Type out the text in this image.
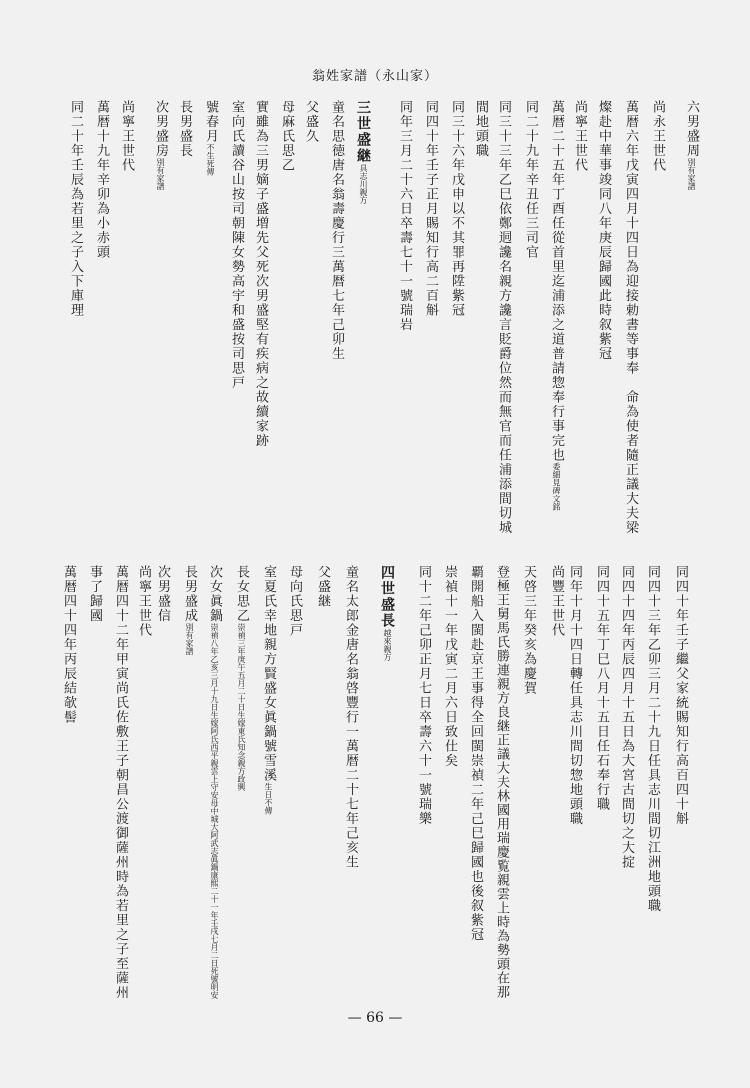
翁姓家譜（永山家）
六男盛周別有家譜
尚永王世代
萬暦六年戊寅四月十四日為迎接勅書等事奉　命為使者隨正議大夫梁
燦赴中華事竣同八年庚辰歸國此時叙紫冠
尚寧王世代
萬暦二十五年丁酉任從首里迄浦添之道普請惣奉行事完也委細見碑文銘
同二十九年辛丑任三司官
同三十三年乙巳依鄭迵讒名親方讒言貶爵位然而無官而任浦添間切城
間地頭職
同三十六年戊申以不其罪再陞紫冠
同四十年壬子正月賜知行高二百斛
同年三月二十六日卒壽七十一號瑞岩
三世盛継具志川親方
童名思徳唐名翁壽慶行三萬暦七年己卯生
父盛久
母麻氏思乙
實雖為三男嫡子盛増先父死次男盛堅有疾病之故續家跡
室向氏讀谷山按司朝陳女勢高宇和盛按司思戸
號春月不生死傳
長男盛長
次男盛房別有家譜
尚寧王世代
萬暦十九年辛卯為小赤頭
同二十年壬辰為若里之子入下庫理
同四十年壬子繼父家統賜知行高百四十斛
同四十三年乙卯三月二十九日任具志川間切江洲地頭職
同四十四年丙辰四月十五日為大宮古間切之大掟
同四十五年丁巳八月十五日任石奉行職
同年十月十四日轉任具志川間切惣地頭職
尚豐王世代
天啓三年癸亥為慶賀
登極王舅馬氏勝連親方良継正議大夫林國用瑞慶覧親雲上時為勢頭在那
覇開船入閩赴京王事得全回閩崇禎二年己巳歸國也後叙紫冠
崇禎十一年戊寅二月六日致仕矣
同十二年己卯正月七日卒壽六十一號瑞樂
四世盛長越來親方
童名太郎金唐名翁啓豐行一萬暦二十七年己亥生
父盛継
母向氏思戸
室夏氏幸地親方賢盛女眞鍋號雪溪生日不傳
長女思乙崇禎三年庚午五月二十日生嫁東氏知念親方政興
次女眞鍋崇禎八年乙亥三月十九日生嫁阿氏西平親雲上守安母中城大阿武志眞鍋康熙二十一年壬戌七月二日死號明安
長男盛成別有家譜
次男盛信
尚寧王世代
萬暦四十二年甲寅尚氏佐敷王子朝昌公渡御薩州時為若里之子至薩州
事了歸國
萬暦四十四年丙辰結欹髻
— 66 —
